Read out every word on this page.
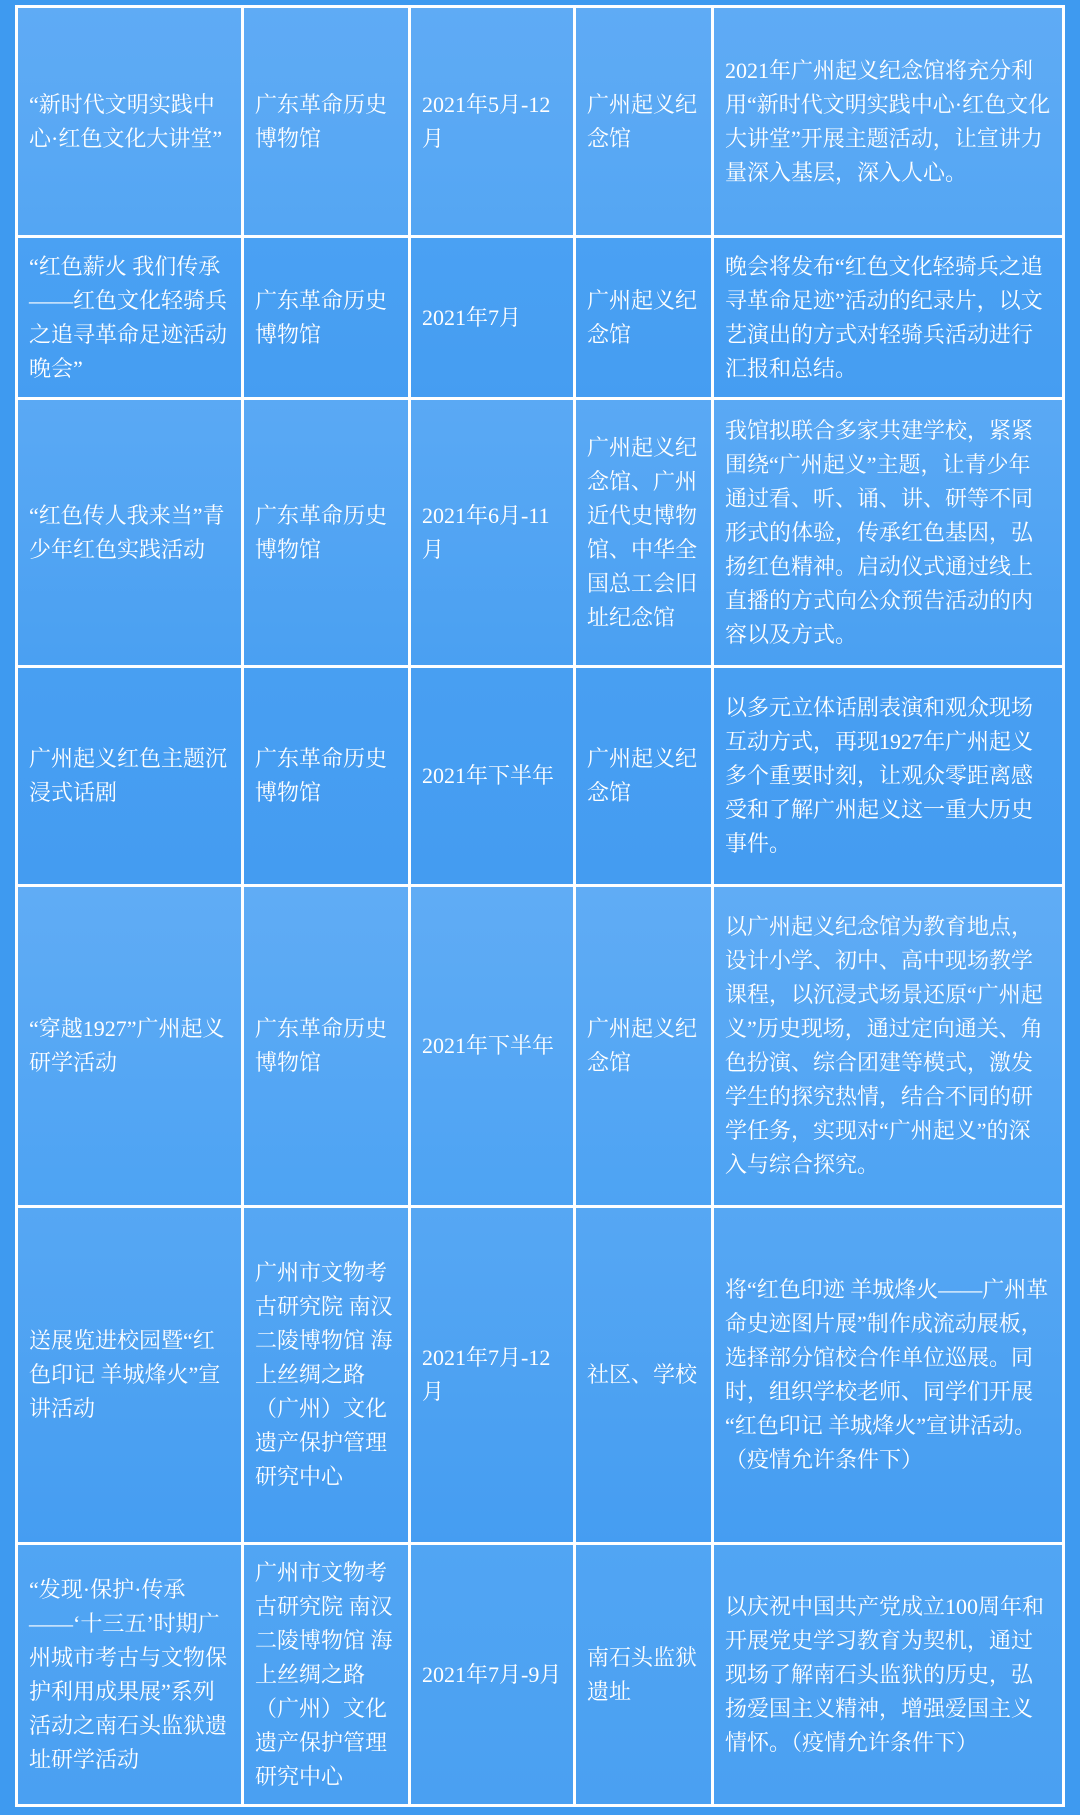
“新时代文明实践中心·红色文化大讲堂”	广东革命历史博物馆	2021年5月-12月	广州起义纪念馆	2021年广州起义纪念馆将充分利用“新时代文明实践中心·红色文化大讲堂”开展主题活动，让宣讲力量深入基层，深入人心。
“红色薪火 我们传承 ——红色文化轻骑兵之追寻革命足迹活动晚会”	广东革命历史博物馆	2021年7月	广州起义纪念馆	晚会将发布“红色文化轻骑兵之追寻革命足迹”活动的纪录片，以文艺演出的方式对轻骑兵活动进行汇报和总结。
“红色传人我来当”青少年红色实践活动	广东革命历史博物馆	2021年6月-11月	广州起义纪念馆、广州近代史博物馆、中华全国总工会旧址纪念馆	我馆拟联合多家共建学校，紧紧围绕“广州起义”主题，让青少年通过看、听、诵、讲、研等不同形式的体验，传承红色基因，弘扬红色精神。启动仪式通过线上直播的方式向公众预告活动的内容以及方式。
广州起义红色主题沉浸式话剧	广东革命历史博物馆	2021年下半年	广州起义纪念馆	以多元立体话剧表演和观众现场互动方式，再现1927年广州起义多个重要时刻，让观众零距离感受和了解广州起义这一重大历史事件。
“穿越1927”广州起义研学活动	广东革命历史博物馆	2021年下半年	广州起义纪念馆	以广州起义纪念馆为教育地点，设计小学、初中、高中现场教学课程，以沉浸式场景还原“广州起义”历史现场，通过定向通关、角色扮演、综合团建等模式，激发学生的探究热情，结合不同的研学任务，实现对“广州起义”的深入与综合探究。
送展览进校园暨“红色印记 羊城烽火”宣讲活动	广州市文物考古研究院 南汉二陵博物馆 海上丝绸之路（广州）文化遗产保护管理研究中心	2021年7月-12月	社区、学校	将“红色印迹 羊城烽火——广州革命史迹图片展”制作成流动展板，选择部分馆校合作单位巡展。同时，组织学校老师、同学们开展“红色印记 羊城烽火”宣讲活动。（疫情允许条件下）
“发现·保护·传承——‘十三五’时期广州城市考古与文物保护利用成果展”系列活动之南石头监狱遗址研学活动	广州市文物考古研究院 南汉二陵博物馆 海上丝绸之路（广州）文化遗产保护管理研究中心	2021年7月-9月	南石头监狱遗址	以庆祝中国共产党成立100周年和开展党史学习教育为契机，通过现场了解南石头监狱的历史，弘扬爱国主义精神，增强爱国主义情怀。（疫情允许条件下）
